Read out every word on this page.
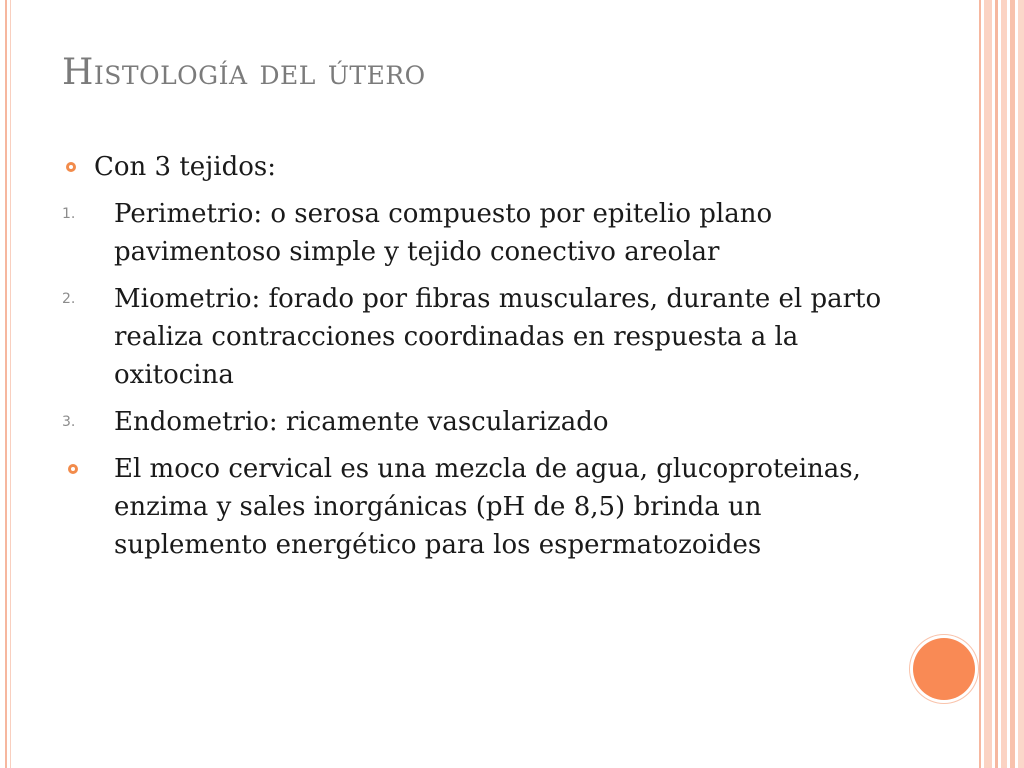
Histología del útero
Con 3 tejidos:
1. Perimetrio: o serosa compuesto por epitelio plano pavimentoso simple y tejido conectivo areolar
2. Miometrio: forado por fibras musculares, durante el parto realiza contracciones coordinadas en respuesta a la oxitocina
3. Endometrio: ricamente vascularizado
El moco cervical es una mezcla de agua, glucoproteinas, enzima y sales inorgánicas (pH de 8,5) brinda un suplemento energético para los espermatozoides
